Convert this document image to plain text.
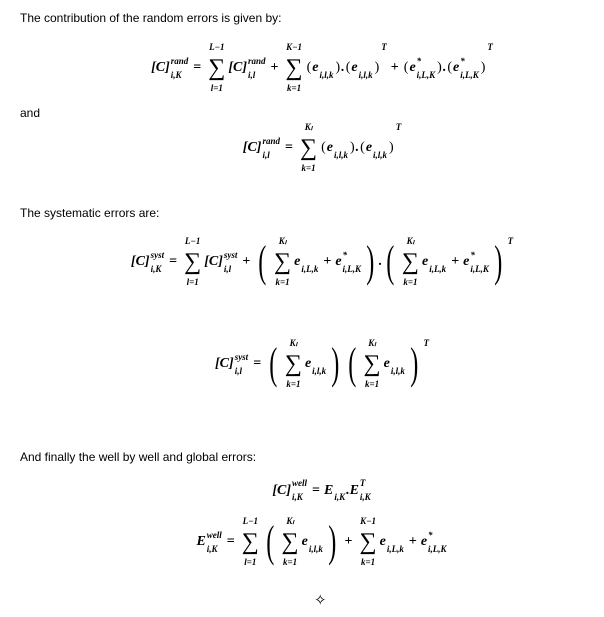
The contribution of the random errors is given by:
[C] rand
i,K =
L−1
∑
l=1
[C] rand
i,l	+
K−1
∑
k=1
( e
i,l,k ) . ( e
i,l,k )
T
+ ( e *
i,L,K ) . ( e *
i,L,K )
T
and
[C] rand
i,l	=
Kₗ
∑
k=1
( e
i,l,k ) . ( e
i,l,k )
T
The systematic errors are:
[C] syst
i,K =
L−1
∑
l=1
[C] syst
i,l + ( Kₗ
∑
k=1
e
i,L,k + e *
i,L,K ) . ( Kₗ
∑
k=1
e
i,L,k + e *
i,L,K ) T
[C] syst
i,l = ( Kₗ
∑
k=1
e
i,l,k ) ( Kₗ
∑
k=1
e
i,l,k ) T
And finally the well by well and global errors:
[C] well
i,K = E
i,K . E T
i,K
E well
i,K =
L−1
∑
l=1 ( Kₗ
∑
k=1
e
i,l,k ) +
K−1
∑
k=1
e
i,L,k + e *
i,L,K
✧
